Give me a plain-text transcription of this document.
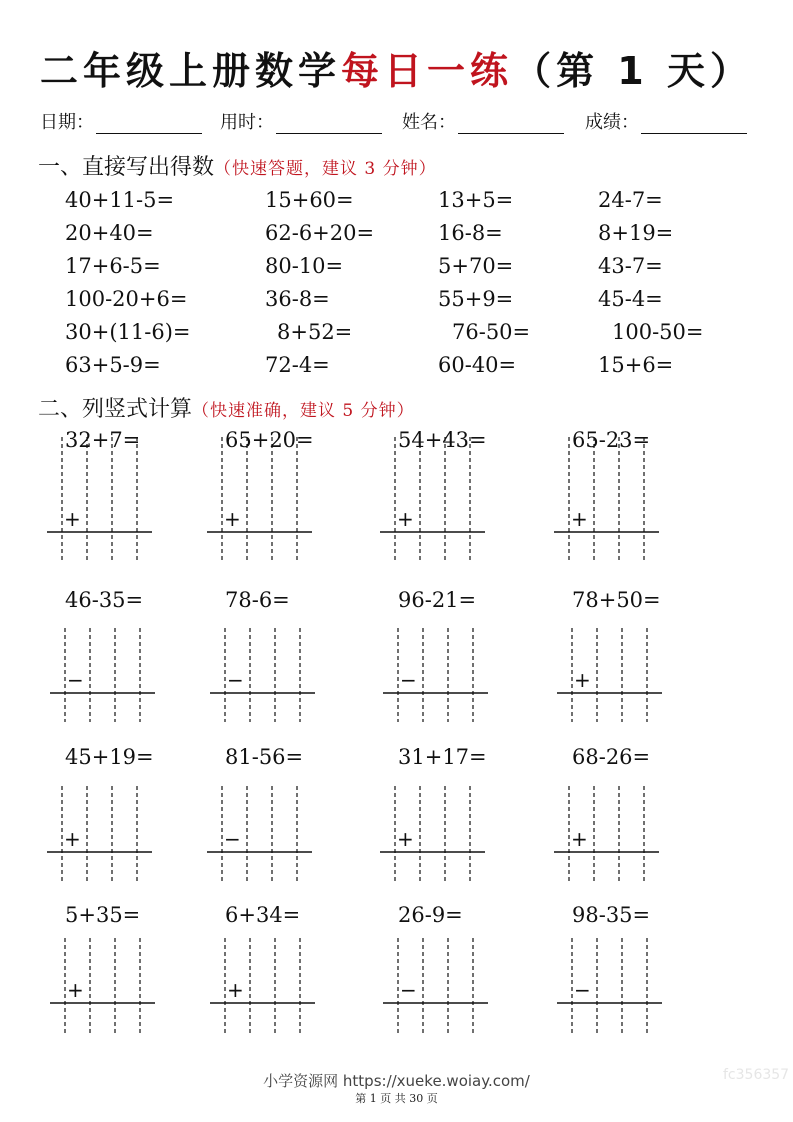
二年级上册数学每日一练（第 1 天）
日期：	用时：	姓名：	成绩：
一、直接写出得数（快速答题，建议 3 分钟）
40+11-5=	15+60=	13+5=	24-7=
20+40=	62-6+20=	16-8=	8+19=
17+6-5=	80-10=	5+70=	43-7=
100-20+6=	36-8=	55+9=	45-4=
30+(11-6)=	8+52=	76-50=	100-50=
63+5-9=	72-4=	60-40=	15+6=
二、列竖式计算（快速准确，建议 5 分钟）
32+7=	65+20=	54+43=	65-23=
46-35=	78-6=	96-21=	78+50=
45+19=	81-56=	31+17=	68-26=
5+35=	6+34=	26-9=	98-35=
+	+	+	+
−	−	−	+
+	−	+	+
+	+	−	−
小学资源网 https://xueke.woiay.com/
第 1 页 共 30 页
fc356357
